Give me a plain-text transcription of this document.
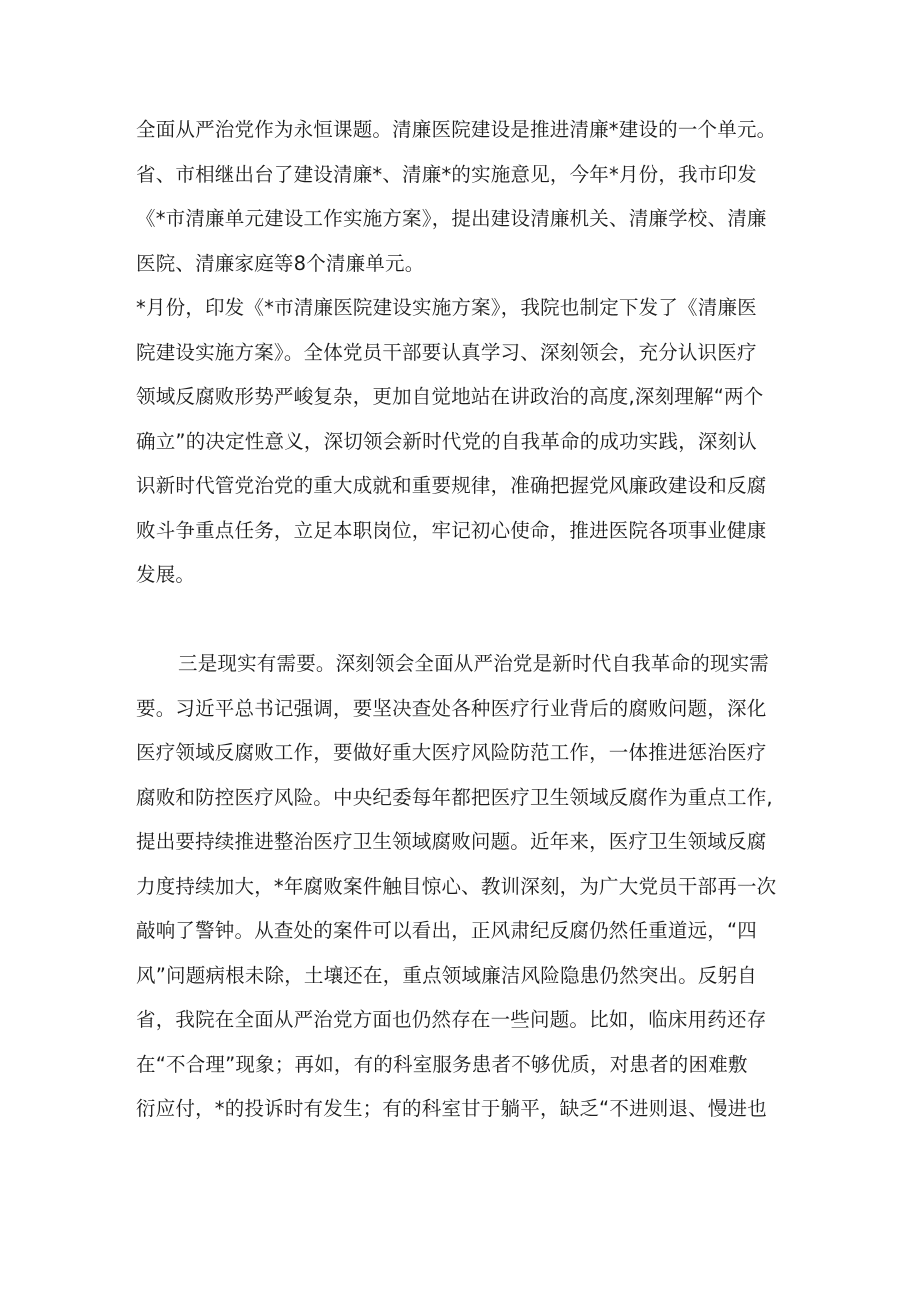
全面从严治党作为永恒课题。清廉医院建设是推进清廉*建设的一个单元。
省、市相继出台了建设清廉*、清廉*的实施意见，今年*月份，我市印发
《*市清廉单元建设工作实施方案》，提出建设清廉机关、清廉学校、清廉
医院、清廉家庭等8个清廉单元。
*月份，印发《*市清廉医院建设实施方案》，我院也制定下发了《清廉医
院建设实施方案》。全体党员干部要认真学习、深刻领会，充分认识医疗
领域反腐败形势严峻复杂，更加自觉地站在讲政治的高度,深刻理解“两个
确立”的决定性意义，深切领会新时代党的自我革命的成功实践，深刻认
识新时代管党治党的重大成就和重要规律，准确把握党风廉政建设和反腐
败斗争重点任务，立足本职岗位，牢记初心使命，推进医院各项事业健康
发展。
三是现实有需要。深刻领会全面从严治党是新时代自我革命的现实需
要。习近平总书记强调，要坚决查处各种医疗行业背后的腐败问题，深化
医疗领域反腐败工作，要做好重大医疗风险防范工作，一体推进惩治医疗
腐败和防控医疗风险。中央纪委每年都把医疗卫生领域反腐作为重点工作,
提出要持续推进整治医疗卫生领域腐败问题。近年来，医疗卫生领域反腐
力度持续加大，*年腐败案件触目惊心、教训深刻，为广大党员干部再一次
敲响了警钟。从查处的案件可以看出，正风肃纪反腐仍然任重道远，“四
风”问题病根未除，土壤还在，重点领域廉洁风险隐患仍然突出。反躬自
省，我院在全面从严治党方面也仍然存在一些问题。比如，临床用药还存
在“不合理”现象；再如，有的科室服务患者不够优质，对患者的困难敷
衍应付，*的投诉时有发生；有的科室甘于躺平，缺乏“不进则退、慢进也
